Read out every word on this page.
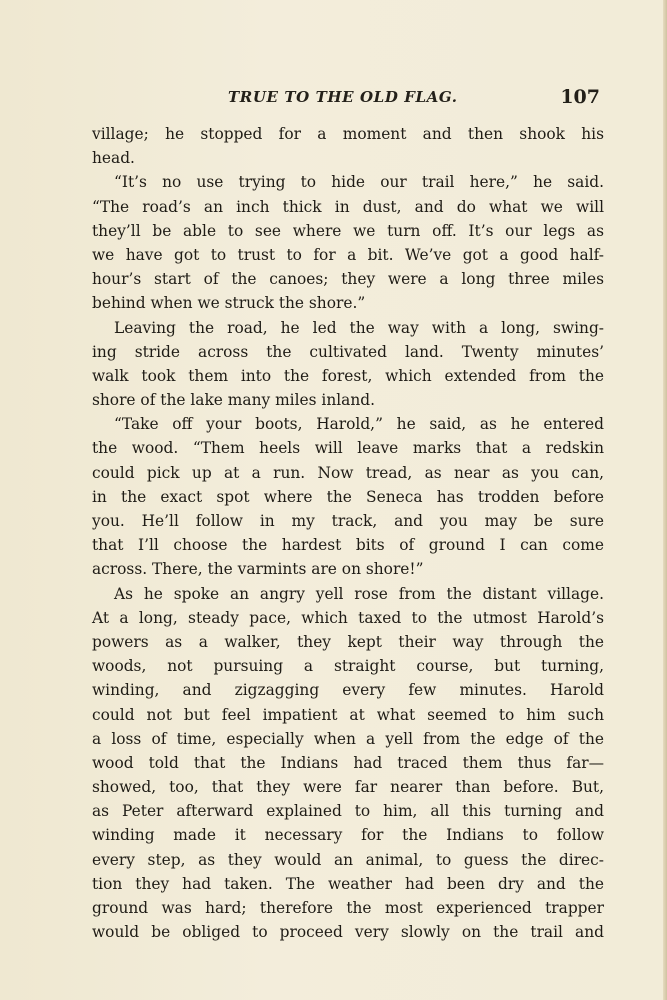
TRUE TO THE OLD FLAG.	107
village; he stopped for a moment and then shook his
head.
“It’s no use trying to hide our trail here,” he said.
“The road’s an inch thick in dust, and do what we will
they’ll be able to see where we turn off. It’s our legs as
we have got to trust to for a bit. We’ve got a good half-
hour’s start of the canoes; they were a long three miles
behind when we struck the shore.”
Leaving the road, he led the way with a long, swing-
ing stride across the cultivated land. Twenty minutes’
walk took them into the forest, which extended from the
shore of the lake many miles inland.
“Take off your boots, Harold,” he said, as he entered
the wood. “Them heels will leave marks that a redskin
could pick up at a run. Now tread, as near as you can,
in the exact spot where the Seneca has trodden before
you. He’ll follow in my track, and you may be sure
that I’ll choose the hardest bits of ground I can come
across. There, the varmints are on shore!”
As he spoke an angry yell rose from the distant village.
At a long, steady pace, which taxed to the utmost Harold’s
powers as a walker, they kept their way through the
woods, not pursuing a straight course, but turning,
winding, and zigzagging every few minutes. Harold
could not but feel impatient at what seemed to him such
a loss of time, especially when a yell from the edge of the
wood told that the Indians had traced them thus far—
showed, too, that they were far nearer than before. But,
as Peter afterward explained to him, all this turning and
winding made it necessary for the Indians to follow
every step, as they would an animal, to guess the direc-
tion they had taken. The weather had been dry and the
ground was hard; therefore the most experienced trapper
would be obliged to proceed very slowly on the trail and
